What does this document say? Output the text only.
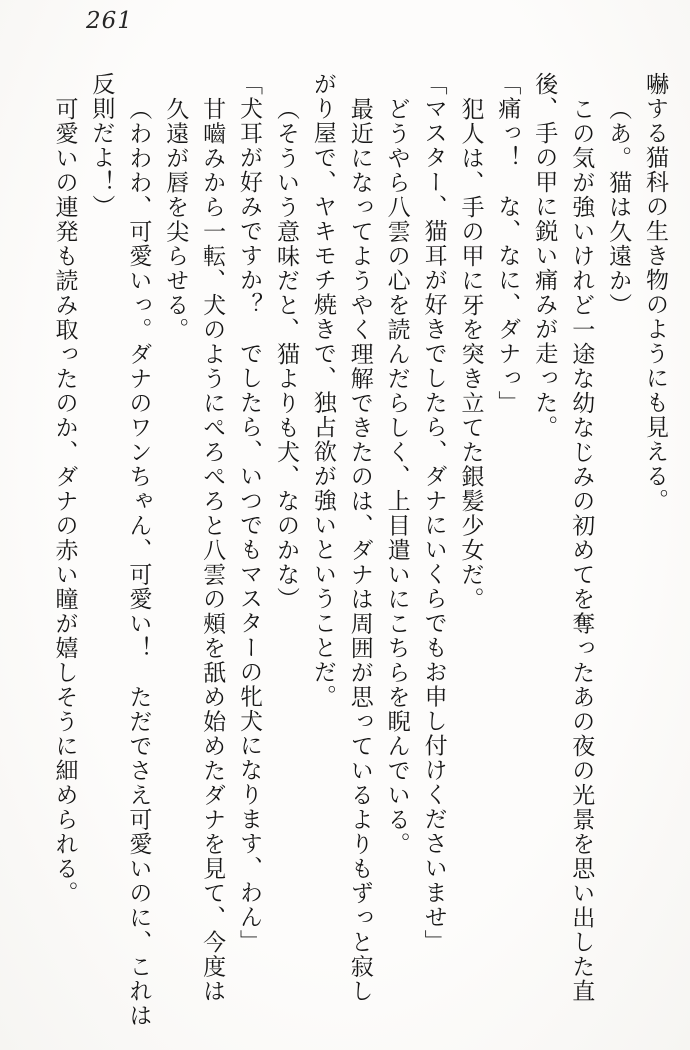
261

嚇する猫科の生き物のようにも見える。

（あ。猫は久遠か）

この気が強いけれど一途な幼なじみの初めてを奪ったあの夜の光景を思い出した直

後、手の甲に鋭い痛みが走った。

「痛っ！　な、なに、ダナっ」

犯人は、手の甲に牙を突き立てた銀髪少女だ。

「マスター、猫耳が好きでしたら、ダナにいくらでもお申し付けくださいませ」

どうやら八雲の心を読んだらしく、上目遣いにこちらを睨んでいる。

最近になってようやく理解できたのは、ダナは周囲が思っているよりもずっと寂し

がり屋で、ヤキモチ焼きで、独占欲が強いということだ。

（そういう意味だと、猫よりも犬、なのかな）

「犬耳が好みですか？　でしたら、いつでもマスターの牝犬になります、わん」

甘嚙みから一転、犬のようにぺろぺろと八雲の頰を舐め始めたダナを見て、今度は

久遠が唇を尖らせる。

（わわわ、可愛いっ。ダナのワンちゃん、可愛い！　ただでさえ可愛いのに、これは

反則だよ！）

可愛いの連発も読み取ったのか、ダナの赤い瞳が嬉しそうに細められる。
